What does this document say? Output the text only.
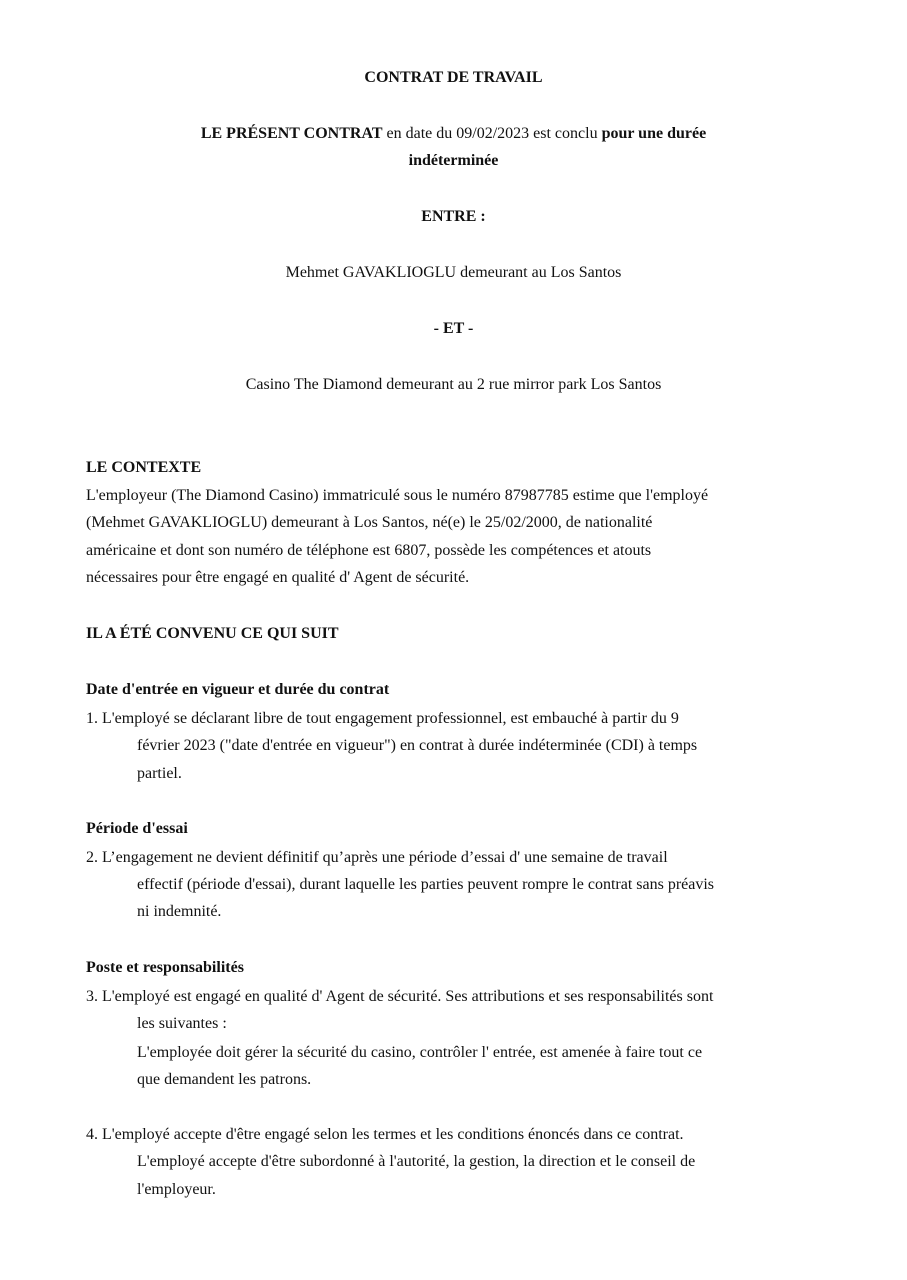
CONTRAT DE TRAVAIL
LE PRÉSENT CONTRAT en date du 09/02/2023 est conclu pour une durée
indéterminée
ENTRE :
Mehmet GAVAKLIOGLU demeurant au Los Santos
- ET -
Casino The Diamond demeurant au 2 rue mirror park Los Santos
LE CONTEXTE
L'employeur (The Diamond Casino) immatriculé sous le numéro 87987785 estime que l'employé
(Mehmet GAVAKLIOGLU) demeurant à Los Santos, né(e) le 25/02/2000, de nationalité
américaine et dont son numéro de téléphone est 6807, possède les compétences et atouts
nécessaires pour être engagé en qualité d' Agent de sécurité.
IL A ÉTÉ CONVENU CE QUI SUIT
Date d'entrée en vigueur et durée du contrat
1. L'employé se déclarant libre de tout engagement professionnel, est embauché à partir du 9
février 2023 ("date d'entrée en vigueur") en contrat à durée indéterminée (CDI) à temps
partiel.
Période d'essai
2. L’engagement ne devient définitif qu’après une période d’essai d' une semaine de travail
effectif (période d'essai), durant laquelle les parties peuvent rompre le contrat sans préavis
ni indemnité.
Poste et responsabilités
3. L'employé est engagé en qualité d' Agent de sécurité. Ses attributions et ses responsabilités sont
les suivantes :
L'employée doit gérer la sécurité du casino, contrôler l' entrée, est amenée à faire tout ce
que demandent les patrons.
4. L'employé accepte d'être engagé selon les termes et les conditions énoncés dans ce contrat.
L'employé accepte d'être subordonné à l'autorité, la gestion, la direction et le conseil de
l'employeur.
